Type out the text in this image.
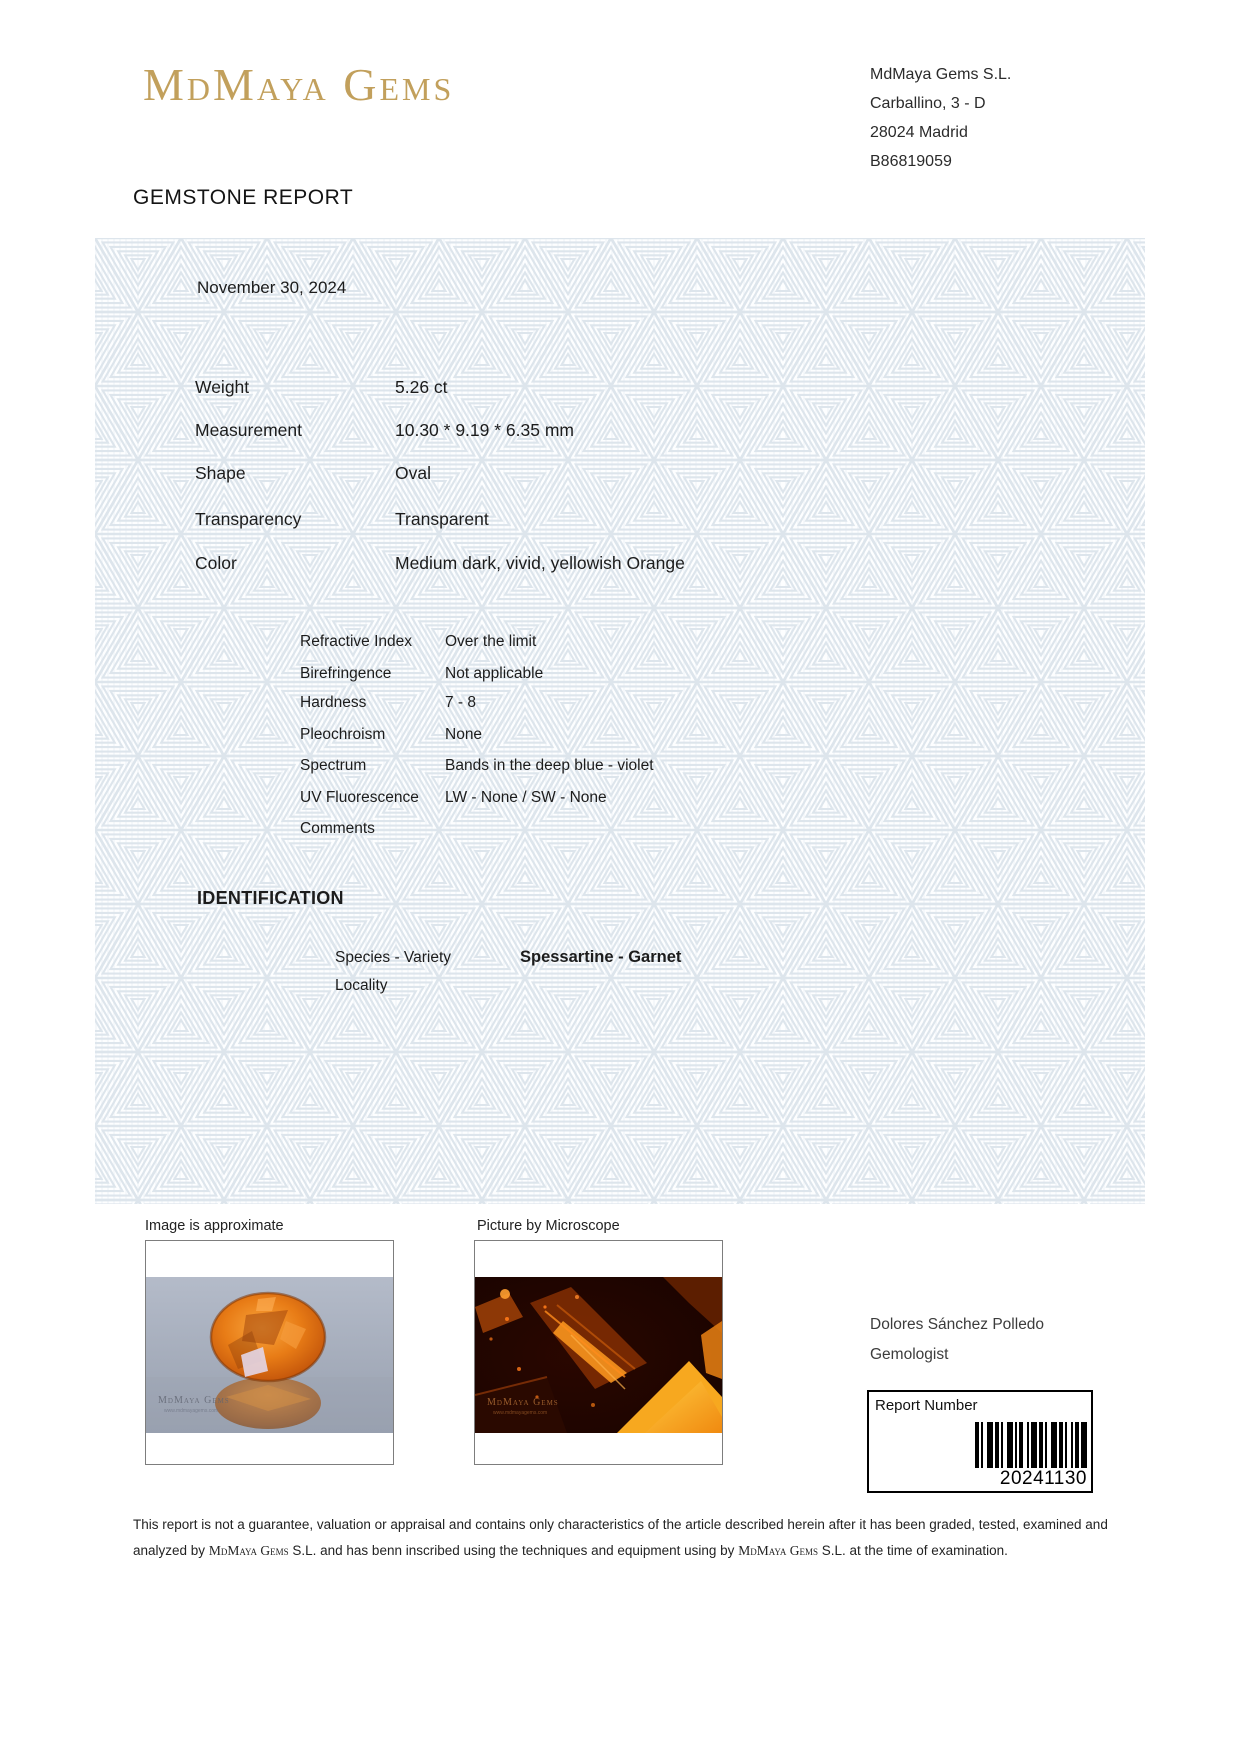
MdMaya Gems	MdMaya Gems S.L.
Carballino, 3 - D
28024 Madrid
B86819059
GEMSTONE REPORT
November 30, 2024
Weight	5.26 ct
Measurement	10.30 * 9.19 * 6.35 mm
Shape	Oval
Transparency	Transparent
Color	Medium dark, vivid, yellowish Orange
Refractive Index Over the limit
Birefringence	Not applicable
Hardness	7 - 8
Pleochroism	None
Spectrum	Bands in the deep blue - violet
UV Fluorescence LW - None / SW - None
Comments
IDENTIFICATION
Species - Variety	Spessartine - Garnet
Locality
Image is approximate	Picture by Microscope
MdMaya Gems
www.mdmayagems.com
MdMaya Gems
www.mdmayagems.com
Dolores Sánchez Polledo
Gemologist
Report Number
20241130
This report is not a guarantee, valuation or appraisal and contains only characteristics of the article described herein after it has been graded, tested, examined and analyzed by MdMaya Gems S.L. and has benn inscribed using the techniques and equipment using by MdMaya Gems S.L. at the time of examination.
